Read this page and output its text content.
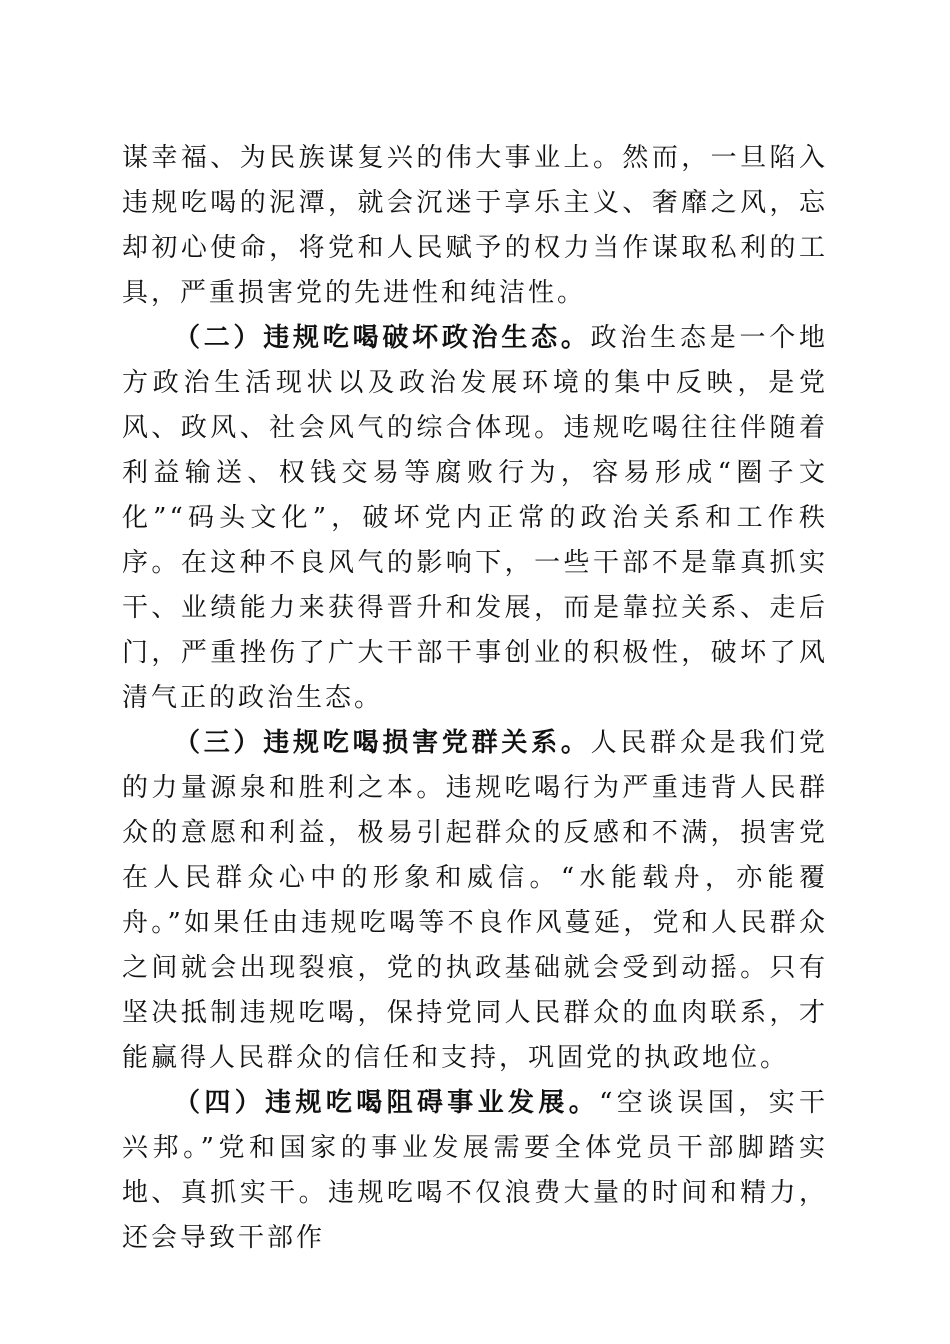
谋幸福、为民族谋复兴的伟大事业上。然而，一旦陷入违规吃喝的泥潭，就会沉迷于享乐主义、奢靡之风，忘却初心使命，将党和人民赋予的权力当作谋取私利的工具，严重损害党的先进性和纯洁性。

（二）违规吃喝破坏政治生态。政治生态是一个地方政治生活现状以及政治发展环境的集中反映，是党风、政风、社会风气的综合体现。违规吃喝往往伴随着利益输送、权钱交易等腐败行为，容易形成“圈子文化”“码头文化”，破坏党内正常的政治关系和工作秩序。在这种不良风气的影响下，一些干部不是靠真抓实干、业绩能力来获得晋升和发展，而是靠拉关系、走后门，严重挫伤了广大干部干事创业的积极性，破坏了风清气正的政治生态。

（三）违规吃喝损害党群关系。人民群众是我们党的力量源泉和胜利之本。违规吃喝行为严重违背人民群众的意愿和利益，极易引起群众的反感和不满，损害党在人民群众心中的形象和威信。“水能载舟，亦能覆舟。”如果任由违规吃喝等不良作风蔓延，党和人民群众之间就会出现裂痕，党的执政基础就会受到动摇。只有坚决抵制违规吃喝，保持党同人民群众的血肉联系，才能赢得人民群众的信任和支持，巩固党的执政地位。

（四）违规吃喝阻碍事业发展。“空谈误国，实干兴邦。”党和国家的事业发展需要全体党员干部脚踏实地、真抓实干。违规吃喝不仅浪费大量的时间和精力，还会导致干部作
